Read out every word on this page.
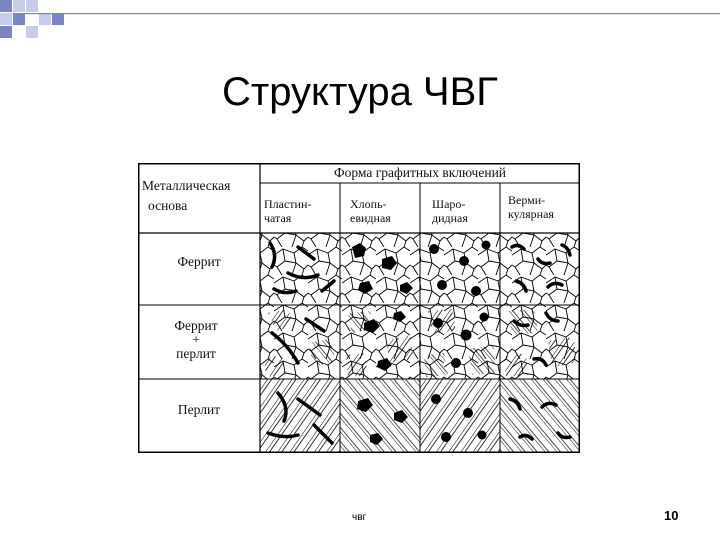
Структура ЧВГ
Форма графитных включений
Металлическая
основа	Пластин-
чатая
Хлопь-
евидная
Шаро-
дидная
Верми-
кулярная
Феррит
Феррит
+
перлит
Перлит
чвг	10
